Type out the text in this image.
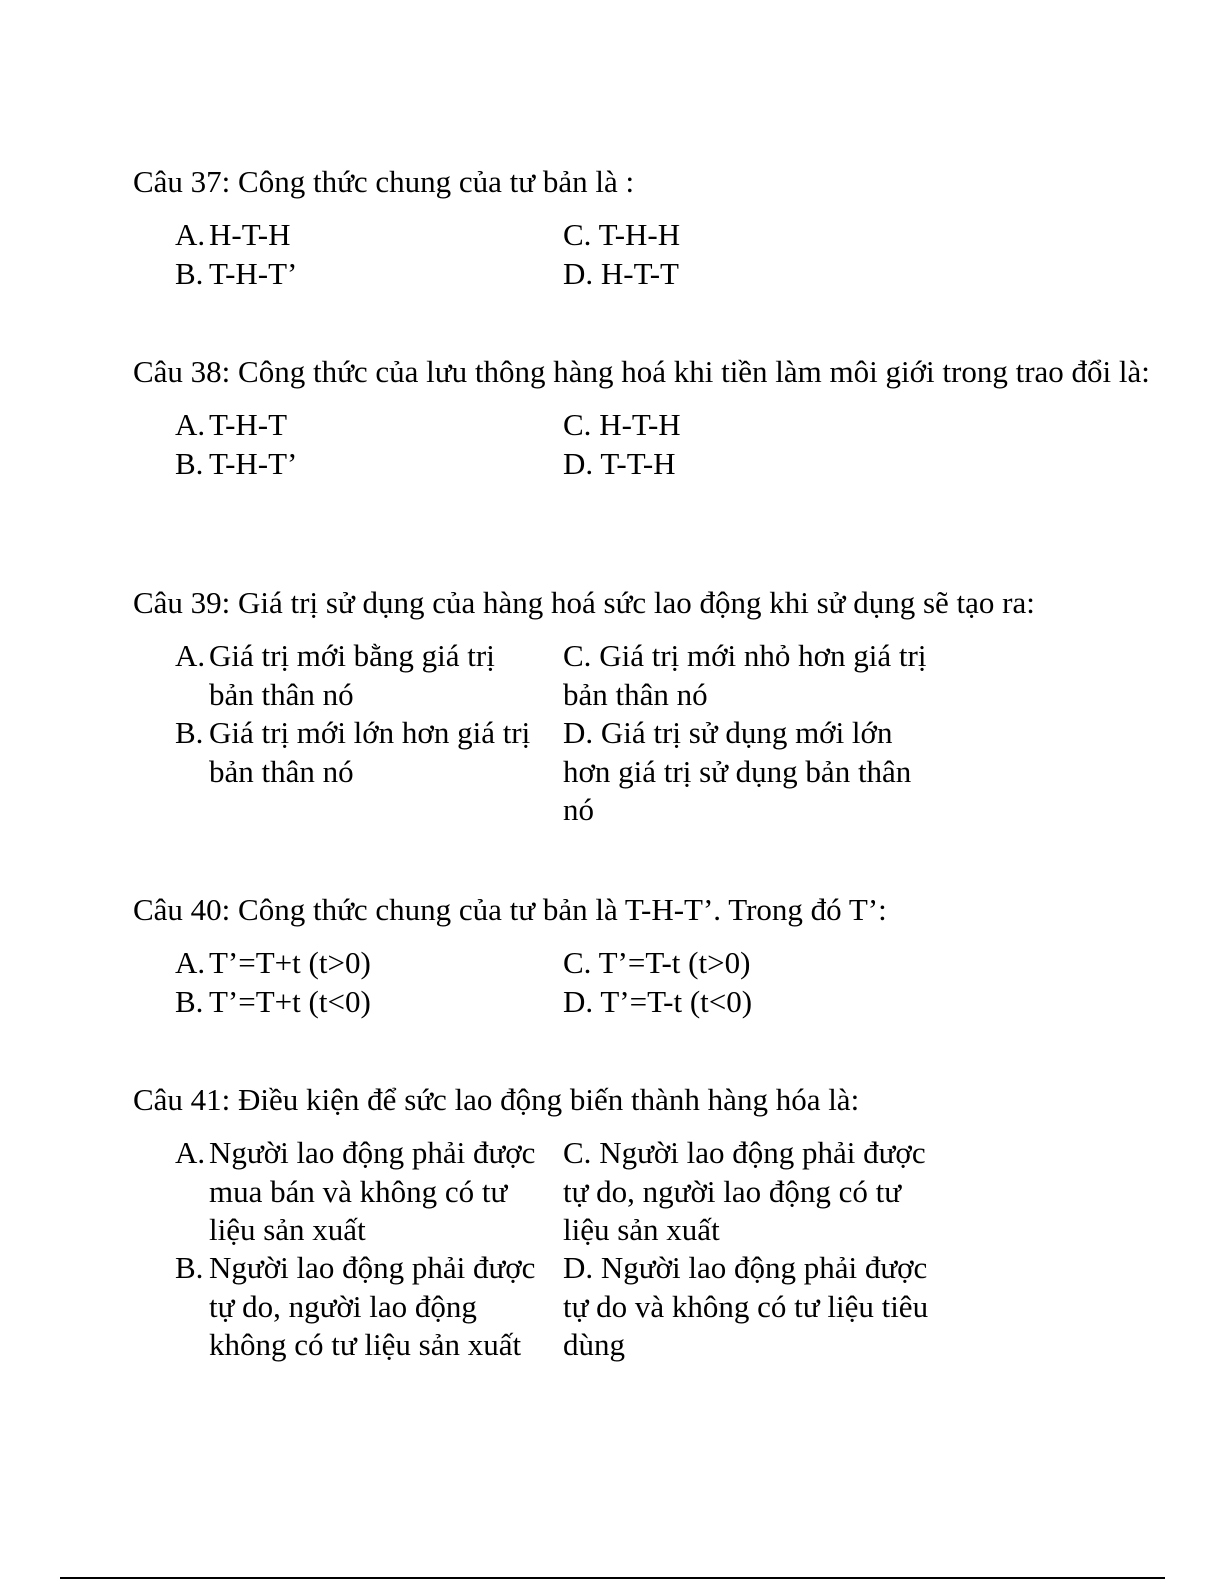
Câu 37: Công thức chung của tư bản là :

A. H-T-H
B. T-H-T’
C. T-H-H
D. H-T-T

Câu 38: Công thức của lưu thông hàng hoá khi tiền làm môi giới trong trao đổi là:

A. T-H-T
B. T-H-T’
C. H-T-H
D. T-T-H

Câu 39: Giá trị sử dụng của hàng hoá sức lao động khi sử dụng sẽ tạo ra:

A. Giá trị mới bằng giá trị bản thân nó
B. Giá trị mới lớn hơn giá trị bản thân nó
C. Giá trị mới nhỏ hơn giá trị bản thân nó
D. Giá trị sử dụng mới lớn hơn giá trị sử dụng bản thân nó

Câu 40: Công thức chung của tư bản là T-H-T’. Trong đó T’:

A. T’=T+t (t>0)
B. T’=T+t (t<0)
C. T’=T-t (t>0)
D. T’=T-t (t<0)

Câu 41: Điều kiện để sức lao động biến thành hàng hóa là:

A. Người lao động phải được mua bán và không có tư liệu sản xuất
B. Người lao động phải được tự do, người lao động không có tư liệu sản xuất
C. Người lao động phải được tự do, người lao động có tư liệu sản xuất
D. Người lao động phải được tự do và không có tư liệu tiêu dùng
